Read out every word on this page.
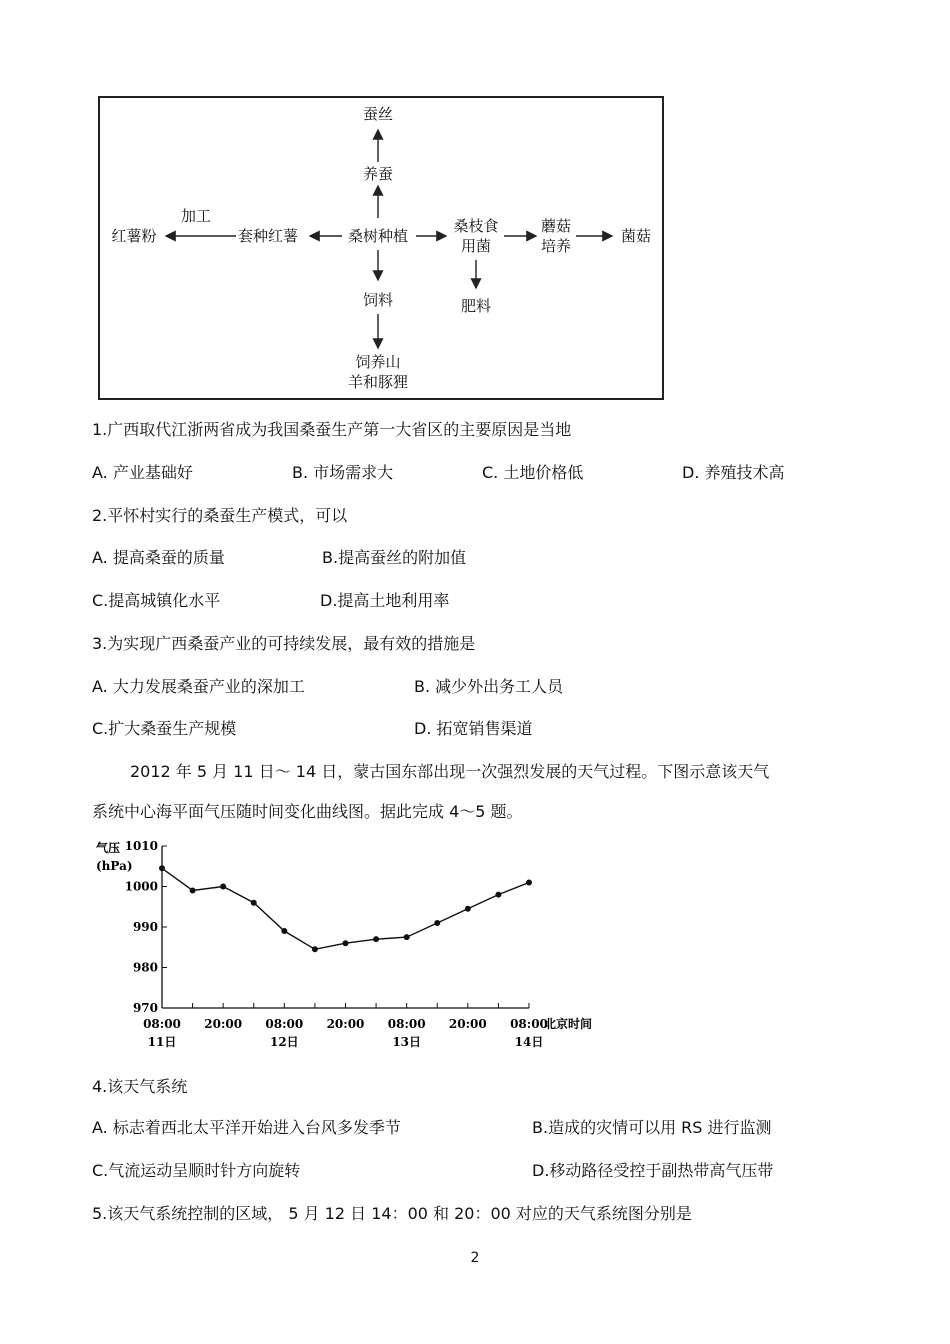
蚕丝
养蚕
桑树种植
套种红薯
加工
红薯粉
桑枝食
用菌
蘑菇
培养
菌菇
肥料
饲料
饲养山
羊和豚狸
1.广西取代江浙两省成为我国桑蚕生产第一大省区的主要原因是当地
A. 产业基础好	B. 市场需求大	C. 土地价格低	D. 养殖技术高
2.平怀村实行的桑蚕生产模式，可以
A. 提高桑蚕的质量	B.提高蚕丝的附加值
C.提高城镇化水平	D.提高土地利用率
3.为实现广西桑蚕产业的可持续发展，最有效的措施是
A. 大力发展桑蚕产业的深加工	B. 减少外出务工人员
C.扩大桑蚕生产规模	D. 拓宽销售渠道
2012 年 5 月 11 日～ 14 日，蒙古国东部出现一次强烈发展的天气过程。下图示意该天气
系统中心海平面气压随时间变化曲线图。据此完成 4～5 题。
气压
(hPa)
北京时间
970
980
990
1000
1010
08:00
11日
20:00 08:00
12日
20:00 08:00
13日
20:00 08:00
14日
4.该天气系统
A. 标志着西北太平洋开始进入台风多发季节	B.造成的灾情可以用 RS 进行监测
C.气流运动呈顺时针方向旋转	D.移动路径受控于副热带高气压带
5.该天气系统控制的区域， 5 月 12 日 14：00 和 20：00 对应的天气系统图分别是
2
